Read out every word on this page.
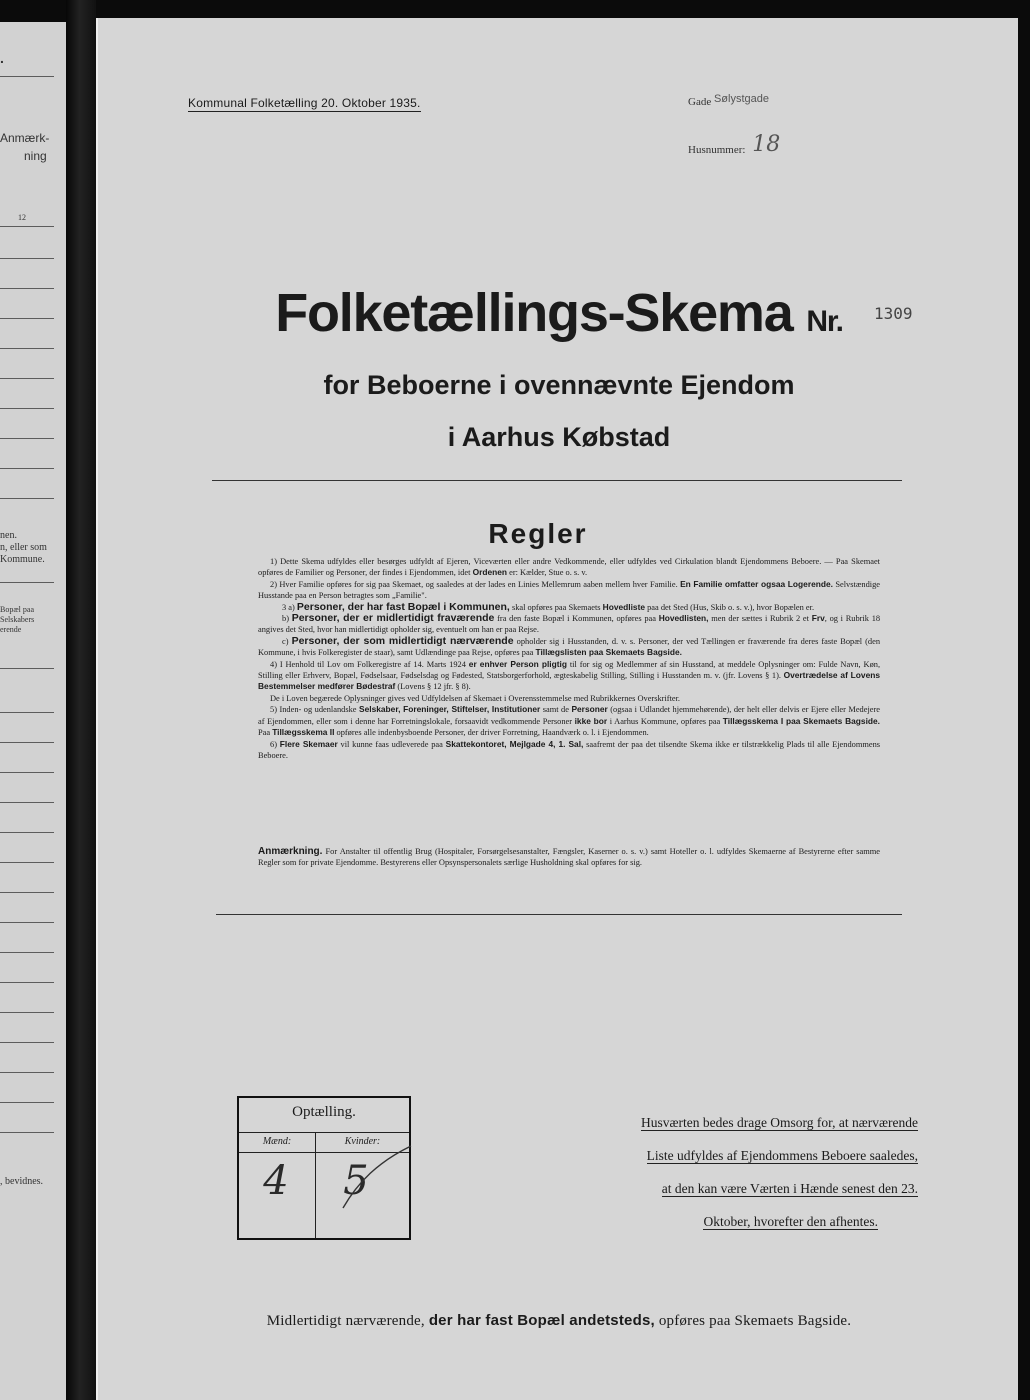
.
Anmærk-
ning
12
nen.
n, eller som
Kommune.
Bopæl paa
Selskabers
erende
, bevidnes.
Kommunal Folketælling 20. Oktober 1935.	Gade Sølystgade
Husnummer: 18
Folketællings-Skema Nr.	1309
for Beboerne i ovennævnte Ejendom
i Aarhus Købstad
Regler

1) Dette Skema udfyldes eller besørges udfyldt af Ejeren, Viceværten eller andre Vedkommende, eller udfyldes ved Cirkulation blandt Ejendommens Beboere. — Paa Skemaet opføres de Familier og Personer, der findes i Ejendommen, idet Ordenen er: Kælder, Stue o. s. v.

2) Hver Familie opføres for sig paa Skemaet, og saaledes at der lades en Linies Mellemrum aaben mellem hver Familie. En Familie omfatter ogsaa Logerende. Selvstændige Husstande paa en Person betragtes som „Familie".

3 a) Personer, der har fast Bopæl i Kommunen, skal opføres paa Skemaets Hovedliste paa det Sted (Hus, Skib o. s. v.), hvor Bopælen er.

b) Personer, der er midlertidigt fraværende fra den faste Bopæl i Kommunen, opføres paa Hovedlisten, men der sættes i Rubrik 2 et Frv, og i Rubrik 18 angives det Sted, hvor han midlertidigt opholder sig, eventuelt om han er paa Rejse.

c) Personer, der som midlertidigt nærværende opholder sig i Husstanden, d. v. s. Personer, der ved Tællingen er fraværende fra deres faste Bopæl (den Kommune, i hvis Folkeregister de staar), samt Udlændinge paa Rejse, opføres paa Tillægslisten paa Skemaets Bagside.

4) I Henhold til Lov om Folkeregistre af 14. Marts 1924 er enhver Person pligtig til for sig og Medlemmer af sin Husstand, at meddele Oplysninger om: Fulde Navn, Køn, Stilling eller Erhverv, Bopæl, Fødselsaar, Fødselsdag og Fødested, Statsborgerforhold, ægteskabelig Stilling, Stilling i Husstanden m. v. (jfr. Lovens § 1). Overtrædelse af Lovens Bestemmelser medfører Bødestraf (Lovens § 12 jfr. § 8).

De i Loven begærede Oplysninger gives ved Udfyldelsen af Skemaet i Overensstemmelse med Rubrikkernes Overskrifter.

5) Inden- og udenlandske Selskaber, Foreninger, Stiftelser, Institutioner samt de Personer (ogsaa i Udlandet hjemmehørende), der helt eller delvis er Ejere eller Medejere af Ejendommen, eller som i denne har Forretningslokale, forsaavidt vedkommende Personer ikke bor i Aarhus Kommune, opføres paa Tillægsskema I paa Skemaets Bagside. Paa Tillægsskema II opføres alle indenbysboende Personer, der driver Forretning, Haandværk o. l. i Ejendommen.

6) Flere Skemaer vil kunne faas udleverede paa Skattekontoret, Mejlgade 4, 1. Sal, saafremt der paa det tilsendte Skema ikke er tilstrækkelig Plads til alle Ejendommens Beboere.

Anmærkning. For Anstalter til offentlig Brug (Hospitaler, Forsørgelsesanstalter, Fængsler, Kaserner o. s. v.) samt Hoteller o. l. udfyldes Skemaerne af Bestyrerne efter samme Regler som for private Ejendomme. Bestyrerens eller Opsynspersonalets særlige Husholdning skal opføres for sig.
Optælling.
Mænd:	Kvinder:
4	5
Husværten bedes drage Omsorg for, at nærværende
Liste udfyldes af Ejendommens Beboere saaledes,
at den kan være Værten i Hænde senest den 23.
Oktober, hvorefter den afhentes.
Midlertidigt nærværende, der har fast Bopæl andetsteds, opføres paa Skemaets Bagside.
